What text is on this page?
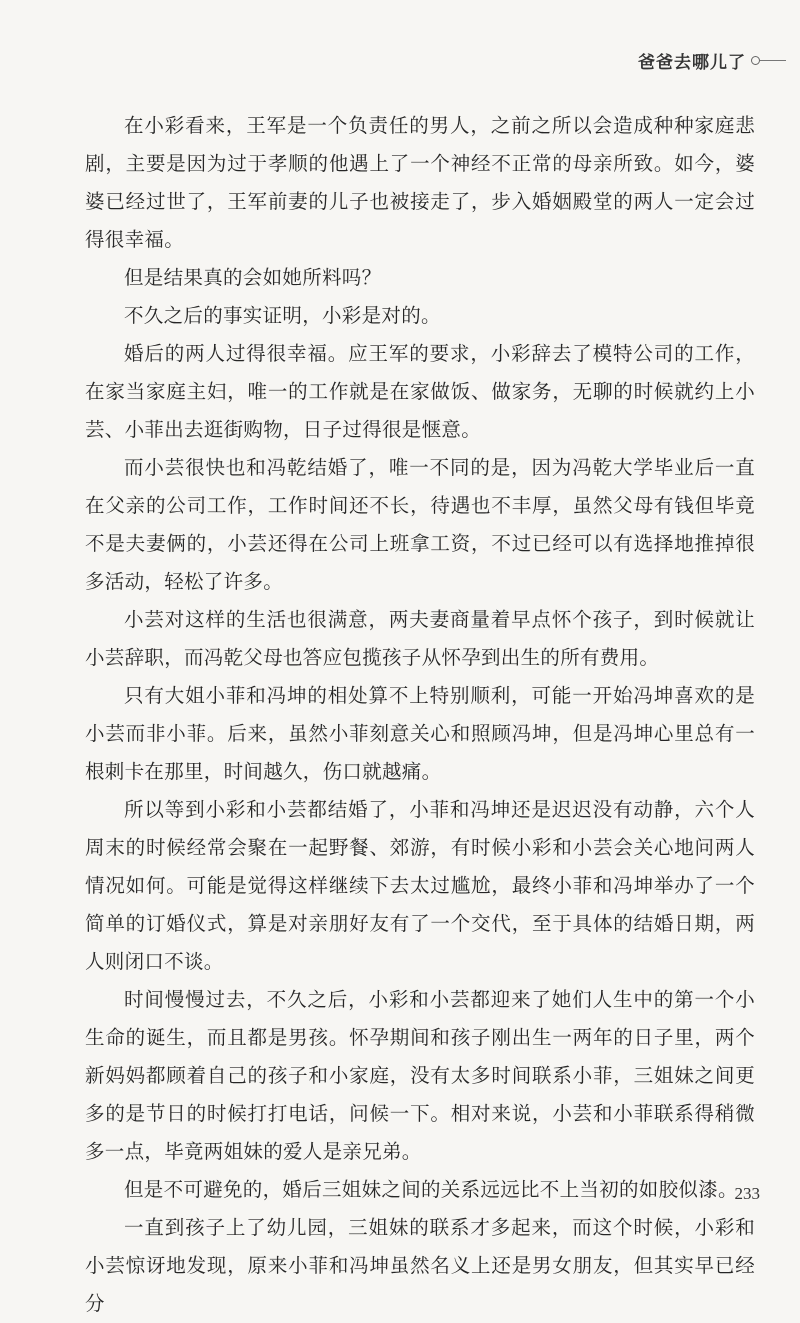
爸爸去哪儿了

在小彩看来，王军是一个负责任的男人，之前之所以会造成种种家庭悲剧，主要是因为过于孝顺的他遇上了一个神经不正常的母亲所致。如今，婆婆已经过世了，王军前妻的儿子也被接走了，步入婚姻殿堂的两人一定会过得很幸福。

但是结果真的会如她所料吗？

不久之后的事实证明，小彩是对的。

婚后的两人过得很幸福。应王军的要求，小彩辞去了模特公司的工作，在家当家庭主妇，唯一的工作就是在家做饭、做家务，无聊的时候就约上小芸、小菲出去逛街购物，日子过得很是惬意。

而小芸很快也和冯乾结婚了，唯一不同的是，因为冯乾大学毕业后一直在父亲的公司工作，工作时间还不长，待遇也不丰厚，虽然父母有钱但毕竟不是夫妻俩的，小芸还得在公司上班拿工资，不过已经可以有选择地推掉很多活动，轻松了许多。

小芸对这样的生活也很满意，两夫妻商量着早点怀个孩子，到时候就让小芸辞职，而冯乾父母也答应包揽孩子从怀孕到出生的所有费用。

只有大姐小菲和冯坤的相处算不上特别顺利，可能一开始冯坤喜欢的是小芸而非小菲。后来，虽然小菲刻意关心和照顾冯坤，但是冯坤心里总有一根刺卡在那里，时间越久，伤口就越痛。

所以等到小彩和小芸都结婚了，小菲和冯坤还是迟迟没有动静，六个人周末的时候经常会聚在一起野餐、郊游，有时候小彩和小芸会关心地问两人情况如何。可能是觉得这样继续下去太过尴尬，最终小菲和冯坤举办了一个简单的订婚仪式，算是对亲朋好友有了一个交代，至于具体的结婚日期，两人则闭口不谈。

时间慢慢过去，不久之后，小彩和小芸都迎来了她们人生中的第一个小生命的诞生，而且都是男孩。怀孕期间和孩子刚出生一两年的日子里，两个新妈妈都顾着自己的孩子和小家庭，没有太多时间联系小菲，三姐妹之间更多的是节日的时候打打电话，问候一下。相对来说，小芸和小菲联系得稍微多一点，毕竟两姐妹的爱人是亲兄弟。

但是不可避免的，婚后三姐妹之间的关系远远比不上当初的如胶似漆。

一直到孩子上了幼儿园，三姐妹的联系才多起来，而这个时候，小彩和小芸惊讶地发现，原来小菲和冯坤虽然名义上还是男女朋友，但其实早已经分

233
